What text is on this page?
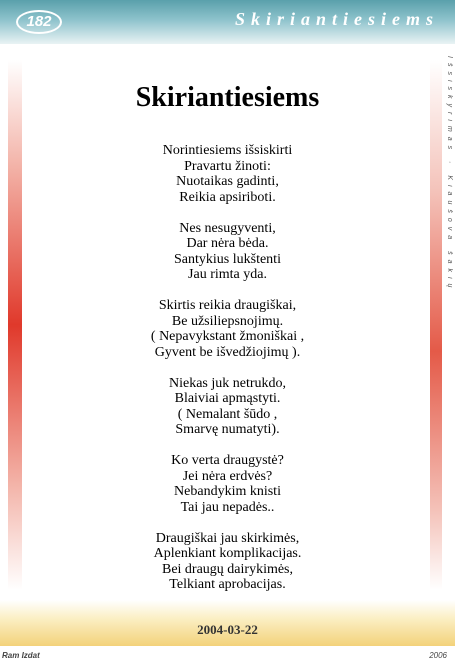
182	Skiriantiesiems
Išsiskyrimas · Kiaušova šakių
Skiriantiesiems
Norintiesiems išsiskirti
Pravartu žinoti:
Nuotaikas gadinti,
Reikia apsiriboti.
Nes nesugyventi,
Dar nėra bėda.
Santykius lukštenti
Jau rimta yda.
Skirtis reikia draugiškai,
Be užsiliepsnojimų.
( Nepavykstant žmoniškai ,
Gyvent be išvedžiojimų ).
Niekas juk netrukdo,
Blaiviai apmąstyti.
( Nemalant šūdo ,
Smarvę numatyti).
Ko verta draugystė?
Jei nėra erdvės?
Nebandykim knisti
Tai jau nepadės..
Draugiškai jau skirkimės,
Aplenkiant komplikacijas.
Bei draugų dairykimės,
Telkiant aprobacijas.
2004-03-22
Ram Izdat	2006
